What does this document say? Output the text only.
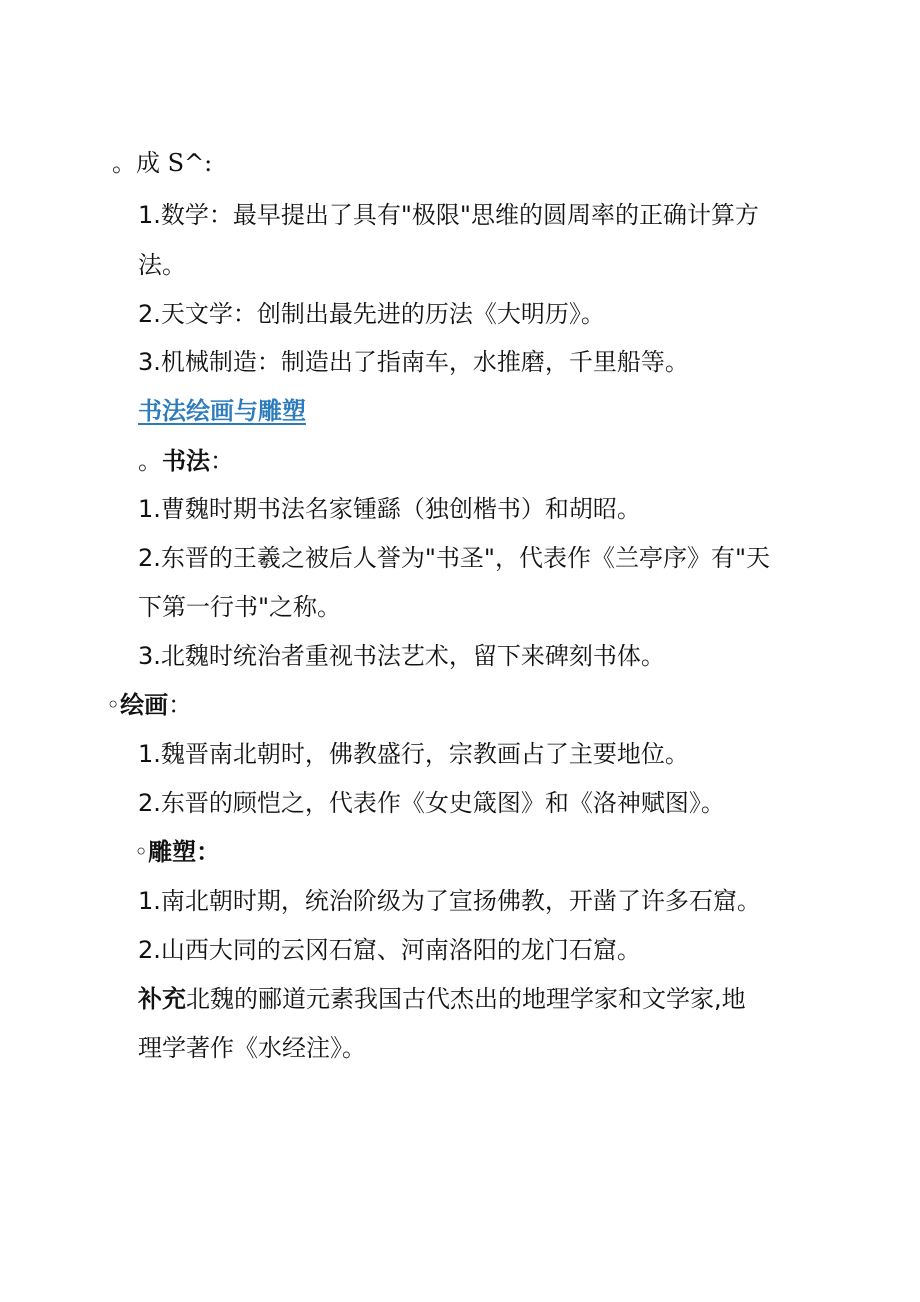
。成 S^:
1.数学：最早提出了具有"极限"思维的圆周率的正确计算方
法。
2.天文学：创制出最先进的历法《大明历》。
3.机械制造：制造出了指南车，水推磨，千里船等。
书法绘画与雕塑
。书法：
1.曹魏时期书法名家锺繇（独创楷书）和胡昭。
2.东晋的王羲之被后人誉为"书圣"，代表作《兰亭序》有"天
下第一行书"之称。
3.北魏时统治者重视书法艺术，留下来碑刻书体。
◦绘画：
1.魏晋南北朝时，佛教盛行，宗教画占了主要地位。
2.东晋的顾恺之，代表作《女史箴图》和《洛神赋图》。
◦雕塑：
1.南北朝时期，统治阶级为了宣扬佛教，开凿了许多石窟。
2.山西大同的云冈石窟、河南洛阳的龙门石窟。
补充北魏的郦道元素我国古代杰出的地理学家和文学家,地
理学著作《水经注》。
